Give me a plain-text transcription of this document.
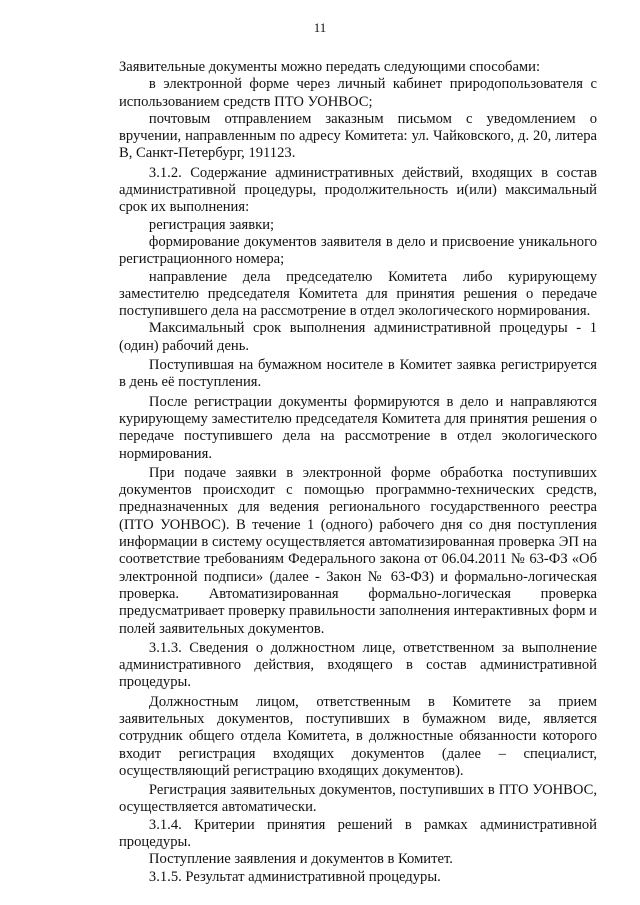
11

Заявительные документы можно передать следующими способами:

в электронной форме через личный кабинет природопользователя с использованием средств ПТО УОНВОС;

почтовым отправлением заказным письмом с уведомлением о вручении, направленным по адресу Комитета: ул. Чайковского, д. 20, литера В, Санкт-Петербург, 191123.

3.1.2. Содержание административных действий, входящих в состав административной процедуры, продолжительность и(или) максимальный срок их выполнения:

регистрация заявки;

формирование документов заявителя в дело и присвоение уникального регистрационного номера;

направление дела председателю Комитета либо курирующему заместителю председателя Комитета для принятия решения о передаче поступившего дела на рассмотрение в отдел экологического нормирования.

Максимальный срок выполнения административной процедуры - 1 (один) рабочий день.

Поступившая на бумажном носителе в Комитет заявка регистрируется в день её поступления.

После регистрации документы формируются в дело и направляются курирующему заместителю председателя Комитета для принятия решения о передаче поступившего дела на рассмотрение в отдел экологического нормирования.

При подаче заявки в электронной форме обработка поступивших документов происходит с помощью программно-технических средств, предназначенных для ведения регионального государственного реестра (ПТО УОНВОС). В течение 1 (одного) рабочего дня со дня поступления информации в систему осуществляется автоматизированная проверка ЭП на соответствие требованиям Федерального закона от 06.04.2011 № 63-ФЗ «Об электронной подписи» (далее - Закон № 63-ФЗ) и формально-логическая проверка. Автоматизированная формально-логическая проверка предусматривает проверку правильности заполнения интерактивных форм и полей заявительных документов.

3.1.3. Сведения о должностном лице, ответственном за выполнение административного действия, входящего в состав административной процедуры.

Должностным лицом, ответственным в Комитете за прием заявительных документов, поступивших в бумажном виде, является сотрудник общего отдела Комитета, в должностные обязанности которого входит регистрация входящих документов (далее – специалист, осуществляющий регистрацию входящих документов).

Регистрация заявительных документов, поступивших в ПТО УОНВОС, осуществляется автоматически.

3.1.4. Критерии принятия решений в рамках административной процедуры.

Поступление заявления и документов в Комитет.

3.1.5. Результат административной процедуры.
